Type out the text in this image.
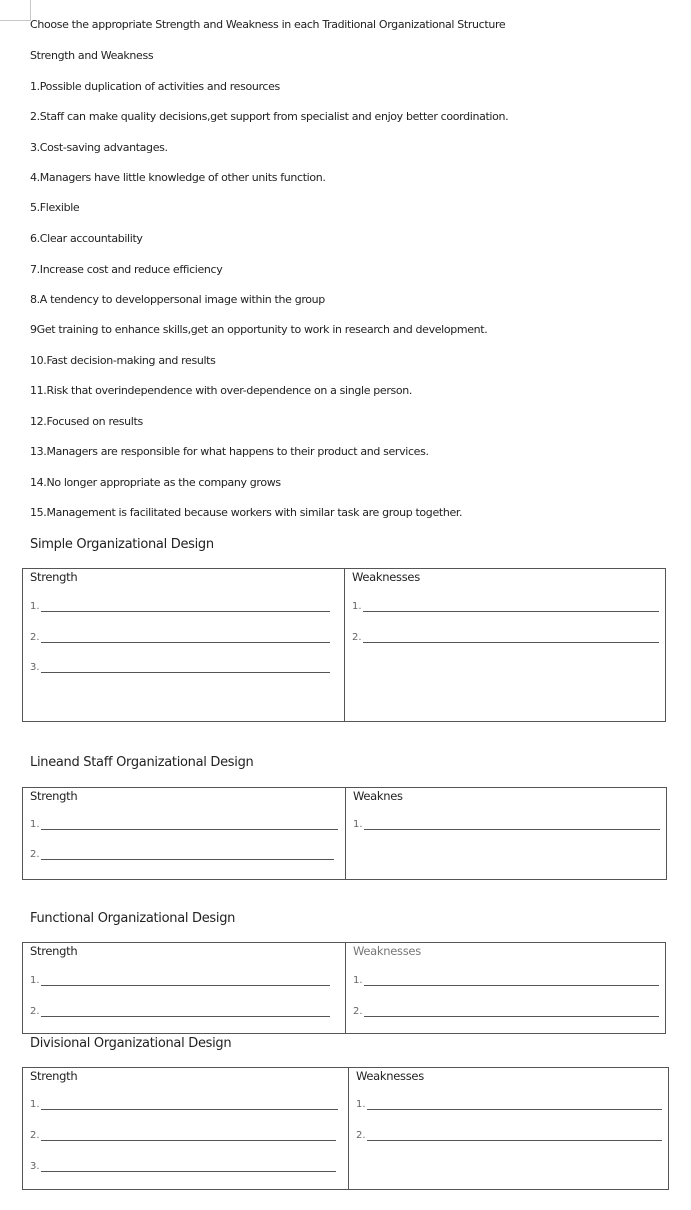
Choose the appropriate Strength and Weakness in each Traditional Organizational Structure
Strength and Weakness
1.Possible duplication of activities and resources
2.Staff can make quality decisions,get support from specialist and enjoy better coordination.
3.Cost-saving advantages.
4.Managers have little knowledge of other units function.
5.Flexible
6.Clear accountability
7.Increase cost and reduce efficiency
8.A tendency to developpersonal image within the group
9Get training to enhance skills,get an opportunity to work in research and development.
10.Fast decision-making and results
11.Risk that overindependence with over-dependence on a single person.
12.Focused on results
13.Managers are responsible for what happens to their product and services.
14.No longer appropriate as the company grows
15.Management is facilitated because workers with similar task are group together.
Simple Organizational Design
Strength
1.
2.
3.
Weaknesses
1.
2.
Lineand Staff Organizational Design
Strength
1.
2.
Weaknes
1.
Functional Organizational Design
Strength
1.
2.
Weaknesses
1.
2.
Divisional Organizational Design
Strength
1.
2.
3.
Weaknesses
1.
2.
